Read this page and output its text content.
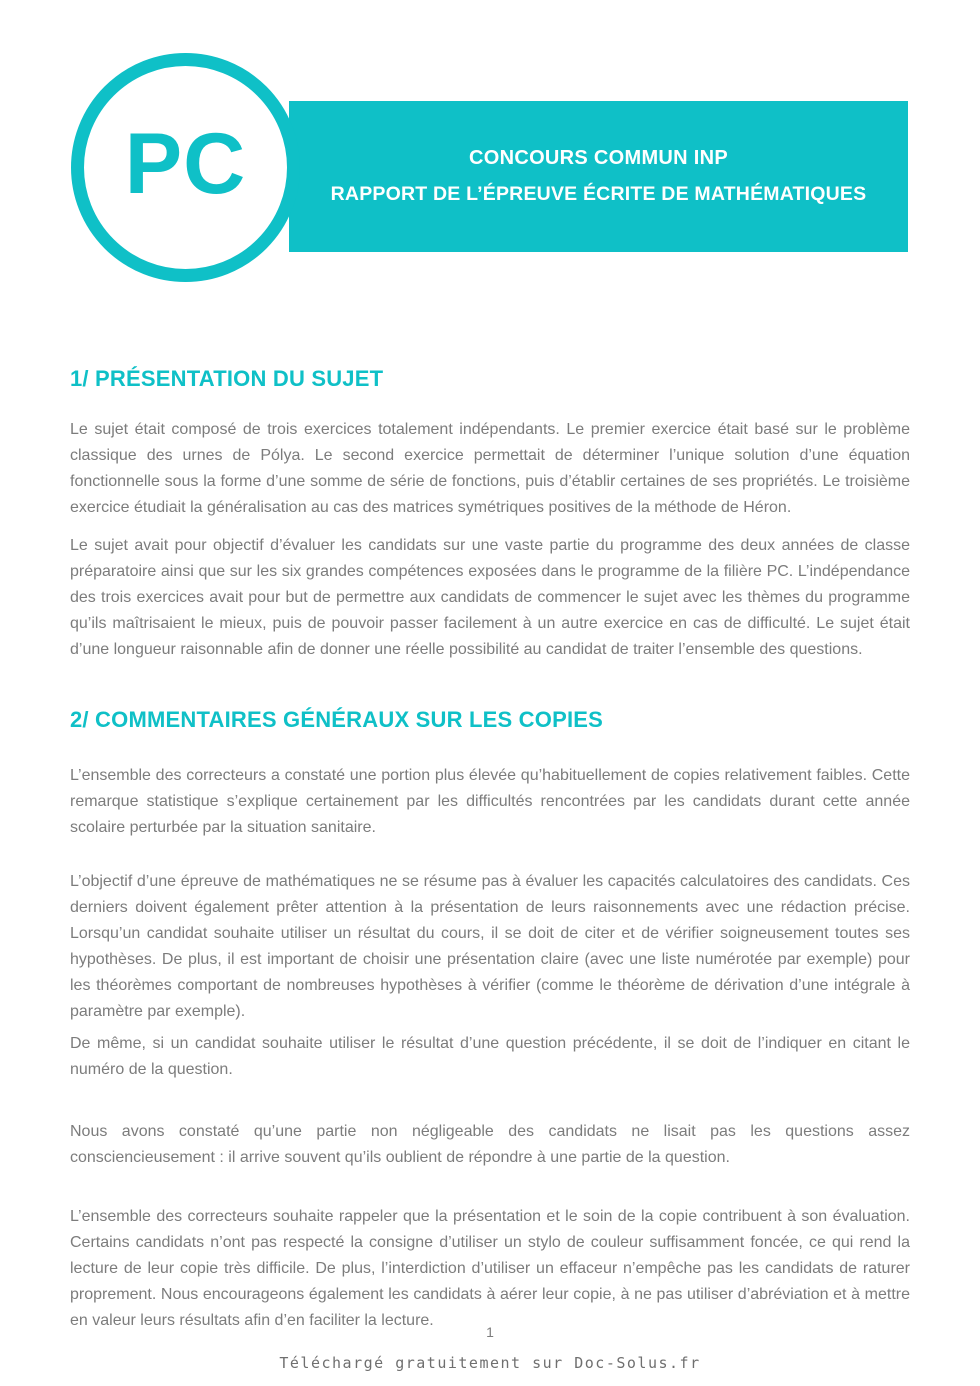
CONCOURS COMMUN INP
RAPPORT DE L’ÉPREUVE ÉCRITE DE MATHÉMATIQUES
PC
1/ PRÉSENTATION DU SUJET

Le sujet était composé de trois exercices totalement indépendants. Le premier exercice était basé sur le problème classique des urnes de Pólya. Le second exercice permettait de déterminer l’unique solution d’une équation fonctionnelle sous la forme d’une somme de série de fonctions, puis d’établir certaines de ses propriétés. Le troisième exercice étudiait la généralisation au cas des matrices symétriques positives de la méthode de Héron.

Le sujet avait pour objectif d’évaluer les candidats sur une vaste partie du programme des deux années de classe préparatoire ainsi que sur les six grandes compétences exposées dans le programme de la filière PC. L’indépendance des trois exercices avait pour but de permettre aux candidats de commencer le sujet avec les thèmes du programme qu’ils maîtrisaient le mieux, puis de pouvoir passer facilement à un autre exercice en cas de difficulté. Le sujet était d’une longueur raisonnable afin de donner une réelle possibilité au candidat de traiter l’ensemble des questions.

2/ COMMENTAIRES GÉNÉRAUX SUR LES COPIES

L’ensemble des correcteurs a constaté une portion plus élevée qu’habituellement de copies relativement faibles. Cette remarque statistique s’explique certainement par les difficultés rencontrées par les candidats durant cette année scolaire perturbée par la situation sanitaire.

L’objectif d’une épreuve de mathématiques ne se résume pas à évaluer les capacités calculatoires des candidats. Ces derniers doivent également prêter attention à la présentation de leurs raisonnements avec une rédaction précise. Lorsqu’un candidat souhaite utiliser un résultat du cours, il se doit de citer et de vérifier soigneusement toutes ses hypothèses. De plus, il est important de choisir une présentation claire (avec une liste numérotée par exemple) pour les théorèmes comportant de nombreuses hypothèses à vérifier (comme le théorème de dérivation d’une intégrale à paramètre par exemple).

De même, si un candidat souhaite utiliser le résultat d’une question précédente, il se doit de l’indiquer en citant le numéro de la question.

Nous avons constaté qu’une partie non négligeable des candidats ne lisait pas les questions assez consciencieusement : il arrive souvent qu’ils oublient de répondre à une partie de la question.

L’ensemble des correcteurs souhaite rappeler que la présentation et le soin de la copie contribuent à son évaluation. Certains candidats n’ont pas respecté la consigne d’utiliser un stylo de couleur suffisamment foncée, ce qui rend la lecture de leur copie très difficile. De plus, l’interdiction d’utiliser un effaceur n’empêche pas les candidats de raturer proprement. Nous encourageons également les candidats à aérer leur copie, à ne pas utiliser d’abréviation et à mettre en valeur leurs résultats afin d’en faciliter la lecture.

1
Téléchargé gratuitement sur Doc-Solus.fr
